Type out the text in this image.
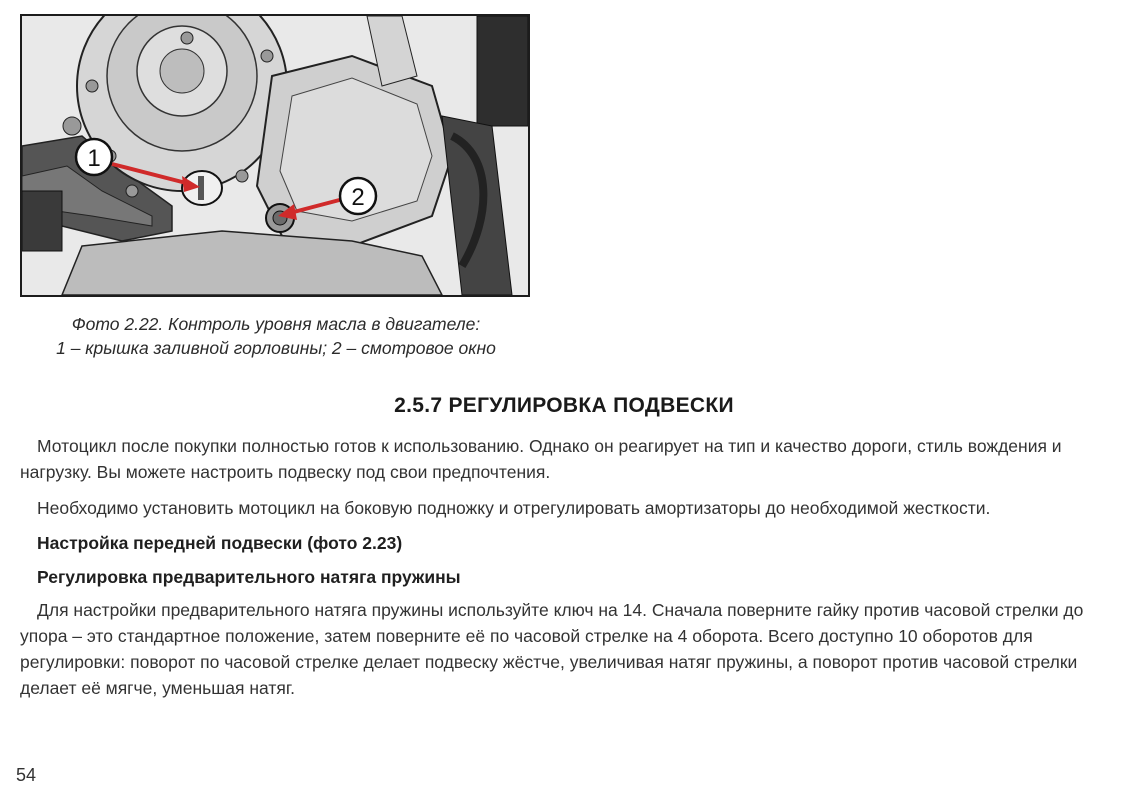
1
2
Фото 2.22. Контроль уровня масла в двигателе:
1 – крышка заливной горловины; 2 – смотровое окно
2.5.7 РЕГУЛИРОВКА ПОДВЕСКИ
Мотоцикл после покупки полностью готов к использованию. Однако он реагирует на тип и качество дороги, стиль вождения и нагрузку. Вы можете настроить подвеску под свои предпочтения.
Необходимо установить мотоцикл на боковую подножку и отрегулировать амортизаторы до необходимой жесткости.
Настройка передней подвески (фото 2.23)
Регулировка предварительного натяга пружины
Для настройки предварительного натяга пружины используйте ключ на 14. Сначала поверните гайку против часовой стрелки до упора – это стандартное положение, затем поверните её по часовой стрелке на 4 оборота. Всего доступно 10 оборотов для регулировки: поворот по часовой стрелке делает подвеску жёстче, увеличивая натяг пружины, а поворот против часовой стрелки делает её мягче, уменьшая натяг.
54
